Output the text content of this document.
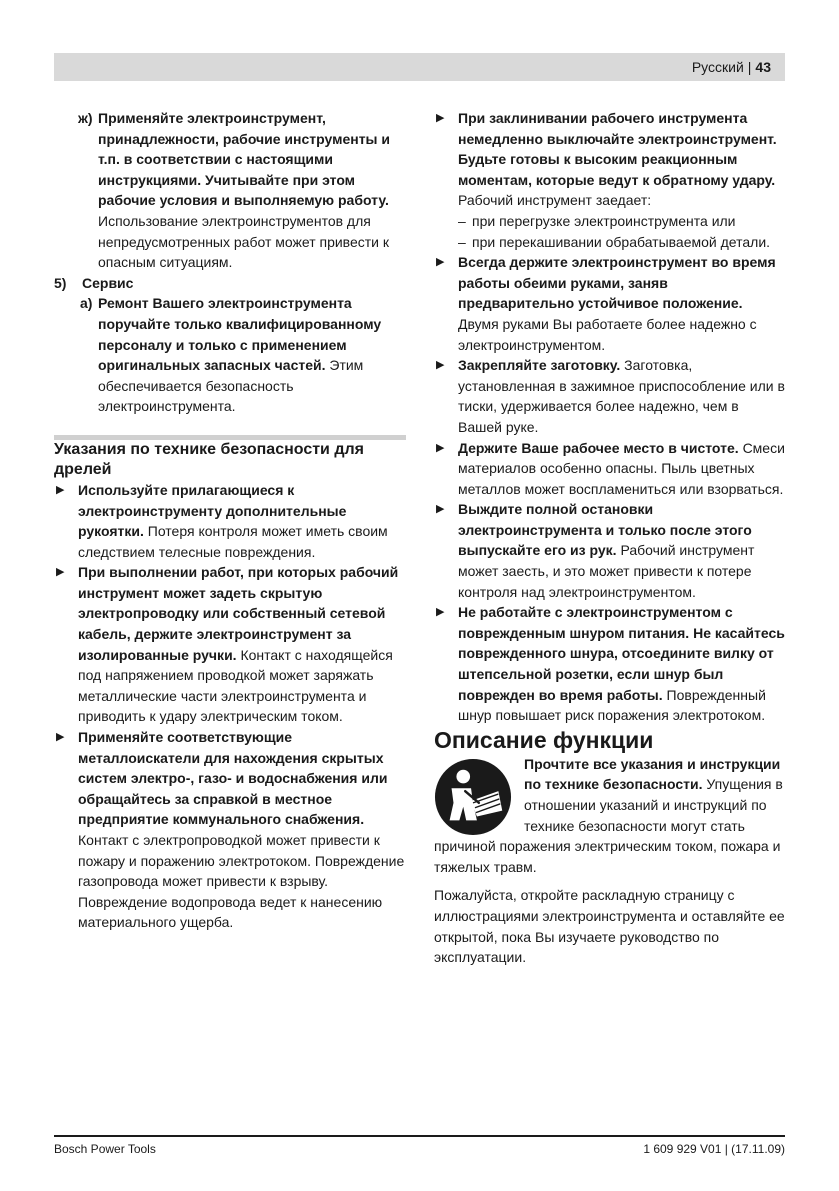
Русский | 43

ж) Применяйте электроинструмент, принадлежности, рабочие инструменты и т.п. в соответствии с настоящими инструкциями. Учитывайте при этом рабочие условия и выполняемую работу. Использование электроинструментов для непредусмотренных работ может привести к опасным ситуациям.

5) Сервис

а) Ремонт Вашего электроинструмента поручайте только квалифицированному персоналу и только с применением оригинальных запасных частей. Этим обеспечивается безопасность электроинструмента.

Указания по технике безопасности для дрелей

▶ Используйте прилагающиеся к электроинструменту дополнительные рукоятки. Потеря контроля может иметь своим следствием телесные повреждения.

▶ При выполнении работ, при которых рабочий инструмент может задеть скрытую электропроводку или собственный сетевой кабель, держите электроинструмент за изолированные ручки. Контакт с находящейся под напряжением проводкой может заряжать металлические части электроинструмента и приводить к удару электрическим током.

▶ Применяйте соответствующие металлоискатели для нахождения скрытых систем электро-, газо- и водоснабжения или обращайтесь за справкой в местное предприятие коммунального снабжения. Контакт с электропроводкой может привести к пожару и поражению электротоком. Повреждение газопровода может привести к взрыву. Повреждение водопровода ведет к нанесению материального ущерба.

▶ При заклинивании рабочего инструмента немедленно выключайте электроинструмент. Будьте готовы к высоким реакционным моментам, которые ведут к обратному удару. Рабочий инструмент заедает:
– при перегрузке электроинструмента или
– при перекашивании обрабатываемой детали.

▶ Всегда держите электроинструмент во время работы обеими руками, заняв предварительно устойчивое положение. Двумя руками Вы работаете более надежно с электроинструментом.

▶ Закрепляйте заготовку. Заготовка, установленная в зажимное приспособление или в тиски, удерживается более надежно, чем в Вашей руке.

▶ Держите Ваше рабочее место в чистоте. Смеси материалов особенно опасны. Пыль цветных металлов может воспламениться или взорваться.

▶ Выждите полной остановки электроинструмента и только после этого выпускайте его из рук. Рабочий инструмент может заесть, и это может привести к потере контроля над электроинструментом.

▶ Не работайте с электроинструментом с поврежденным шнуром питания. Не касайтесь поврежденного шнура, отсоедините вилку от штепсельной розетки, если шнур был поврежден во время работы. Поврежденный шнур повышает риск поражения электротоком.

Описание функции

Прочтите все указания и инструкции по технике безопасности. Упущения в отношении указаний и инструкций по технике безопасности могут стать

причиной поражения электрическим током, пожара и тяжелых травм.

Пожалуйста, откройте раскладную страницу с иллюстрациями электроинструмента и оставляйте ее открытой, пока Вы изучаете руководство по эксплуатации.

Bosch Power Tools	1 609 929 V01 | (17.11.09)
